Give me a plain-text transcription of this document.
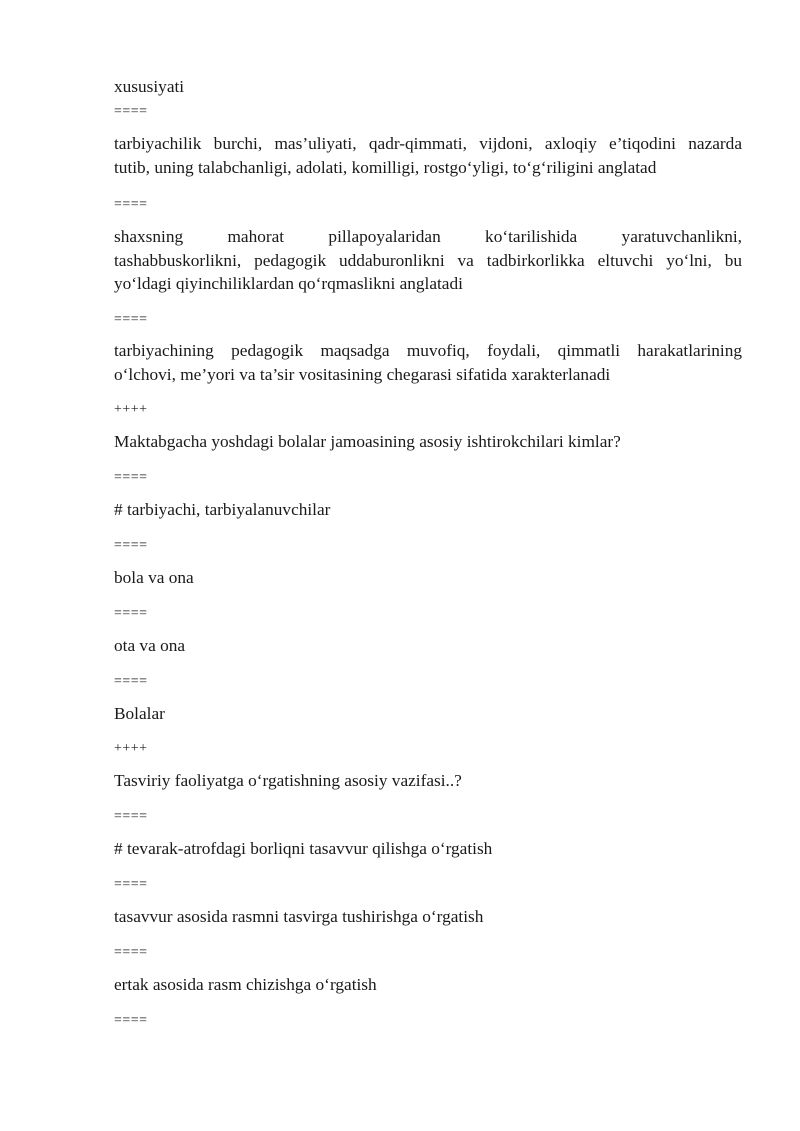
xususiyati

====

tarbiyachilik burchi, mas’uliyati, qadr-qimmati, vijdoni, axloqiy e’tiqodini nazarda

tutib, uning talabchanligi, adolati, komilligi, rostgo‘yligi, to‘g‘riligini anglatad

====

shaxsning mahorat pillapoyalaridan ko‘tarilishida yaratuvchanlikni,

tashabbuskorlikni, pedagogik uddaburonlikni va tadbirkorlikka eltuvchi yo‘lni, bu

yo‘ldagi qiyinchiliklardan qo‘rqmaslikni anglatadi

====

tarbiyachining pedagogik maqsadga muvofiq, foydali, qimmatli harakatlarining

o‘lchovi, me’yori va ta’sir vositasining chegarasi sifatida xarakterlanadi

++++

Maktabgacha yoshdagi bolalar jamoasining asosiy ishtirokchilari kimlar?

====

# tarbiyachi, tarbiyalanuvchilar

====

bola va ona

====

ota va ona

====

Bolalar

++++

Tasviriy faoliyatga o‘rgatishning asosiy vazifasi..?

====

# tevarak-atrofdagi borliqni tasavvur qilishga o‘rgatish

====

tasavvur asosida rasmni tasvirga tushirishga o‘rgatish

====

ertak asosida rasm chizishga o‘rgatish

====
